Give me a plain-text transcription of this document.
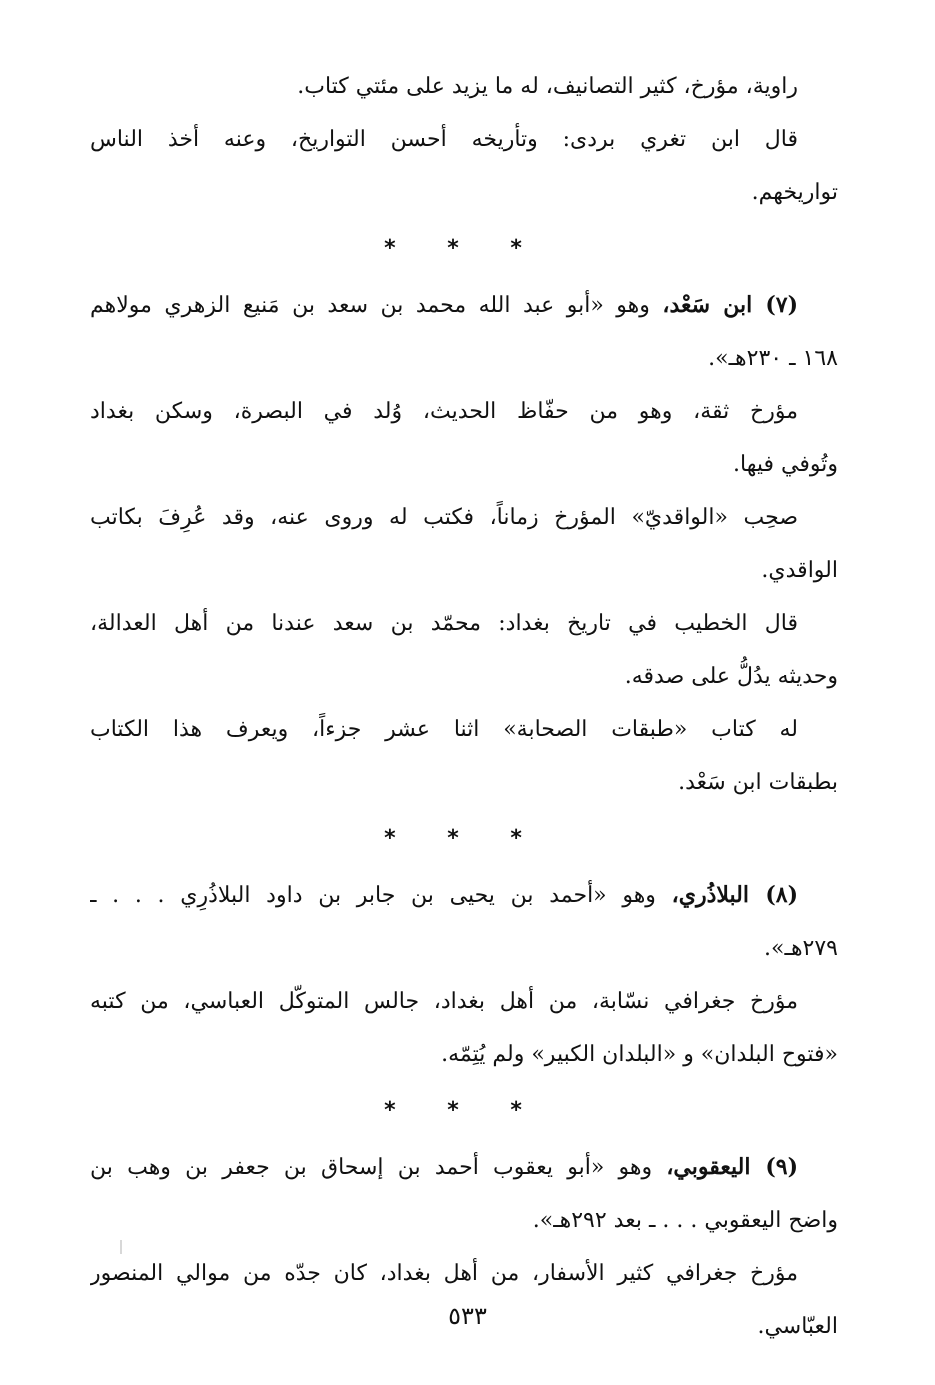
راوية، مؤرخ، كثير التصانيف، له ما يزيد على مئتي كتاب.
قال ابن تغري بردى: وتأريخه أحسن التواريخ، وعنه أخذ الناس
تواريخهم.
* * *
(٧) ابن سَعْد، وهو «أبو عبد الله محمد بن سعد بن مَنيع الزهري مولاهم
١٦٨ ـ ٢٣٠هـ».
مؤرخ ثقة، وهو من حفّاظ الحديث، وُلد في البصرة، وسكن بغداد
وتُوفي فيها.
صحِب «الواقديّ» المؤرخ زماناً، فكتب له وروى عنه، وقد عُرِفَ بكاتب
الواقدي.
قال الخطيب في تاريخ بغداد: محمّد بن سعد عندنا من أهل العدالة،
وحديثه يدُلُّ على صدقه.
له كتاب «طبقات الصحابة» اثنا عشر جزءاً، ويعرف هذا الكتاب
بطبقات ابن سَعْد.
* * *
(٨) البلاذُري، وهو «أحمد بن يحيى بن جابر بن داود البلاذُرِي . . . ـ
٢٧٩هـ».
مؤرخ جغرافي نسّابة، من أهل بغداد، جالس المتوكّل العباسي، من كتبه
«فتوح البلدان» و «البلدان الكبير» ولم يُتِمّه.
* * *
(٩) اليعقوبي، وهو «أبو يعقوب أحمد بن إسحاق بن جعفر بن وهب بن
واضح اليعقوبي . . . ـ بعد ٢٩٢هـ».
مؤرخ جغرافي كثير الأسفار، من أهل بغداد، كان جدّه من موالي المنصور
العبّاسي.
٥٣٣
